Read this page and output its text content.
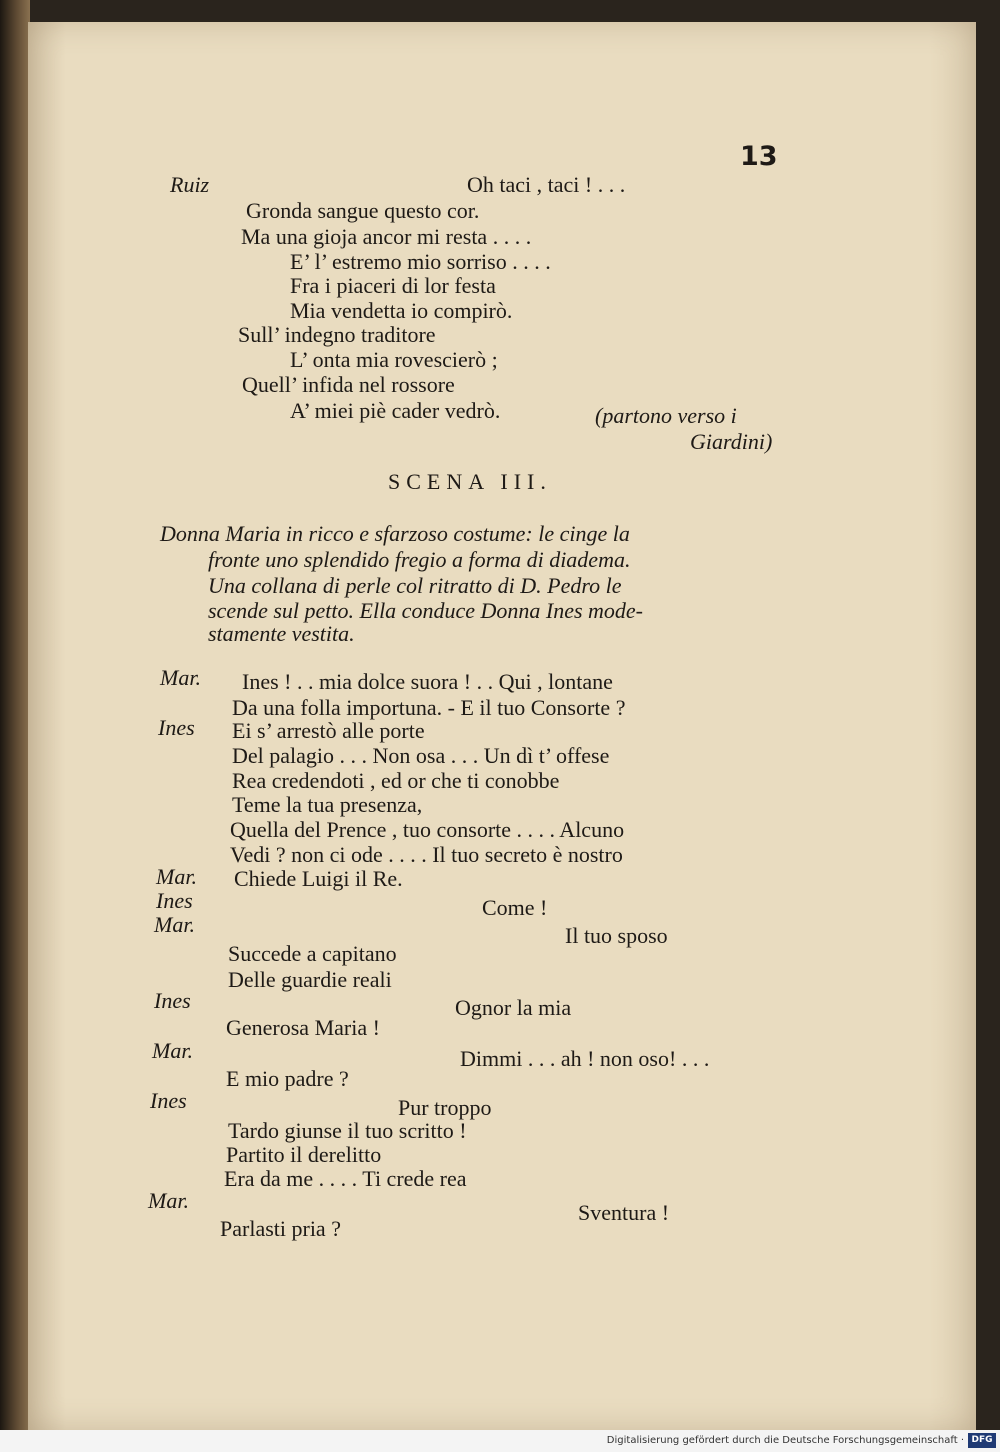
13
Ruiz	Oh taci , taci ! . . .
Gronda sangue questo cor.
Ma una gioja ancor mi resta . . . .
E’ l’ estremo mio sorriso . . . .
Fra i piaceri di lor festa
Mia vendetta io compirò.
Sull’ indegno traditore
L’ onta mia rovescierò ;
Quell’ infida nel rossore
A’ miei piè cader vedrò.	(partono verso i
Giardini)
SCENA III.
Donna Maria in ricco e sfarzoso costume: le cinge la
fronte uno splendido fregio a forma di diadema.
Una collana di perle col ritratto di D. Pedro le
scende sul petto. Ella conduce Donna Ines mode-
stamente vestita.
Mar. Ines ! . . mia dolce suora ! . . Qui , lontane
Da una folla importuna. - E il tuo Consorte ?
Ines Ei s’ arrestò alle porte
Del palagio . . . Non osa . . . Un dì t’ offese
Rea credendoti , ed or che ti conobbe
Teme la tua presenza,
Quella del Prence , tuo consorte . . . . Alcuno
Vedi ? non ci ode . . . . Il tuo secreto è nostro
Mar. Chiede Luigi il Re.
Ines	Come !
Mar.	Il tuo sposo
Succede a capitano
Delle guardie reali
Ines	Ognor la mia
Generosa Maria !
Mar.	Dimmi . . . ah ! non oso! . . .
E mio padre ?
Ines	Pur troppo
Tardo giunse il tuo scritto !
Partito il derelitto
Era da me . . . . Ti crede rea
Mar.	Sventura !
Parlasti pria ?
Digitalisierung gefördert durch die Deutsche Forschungsgemeinschaft · DFG
